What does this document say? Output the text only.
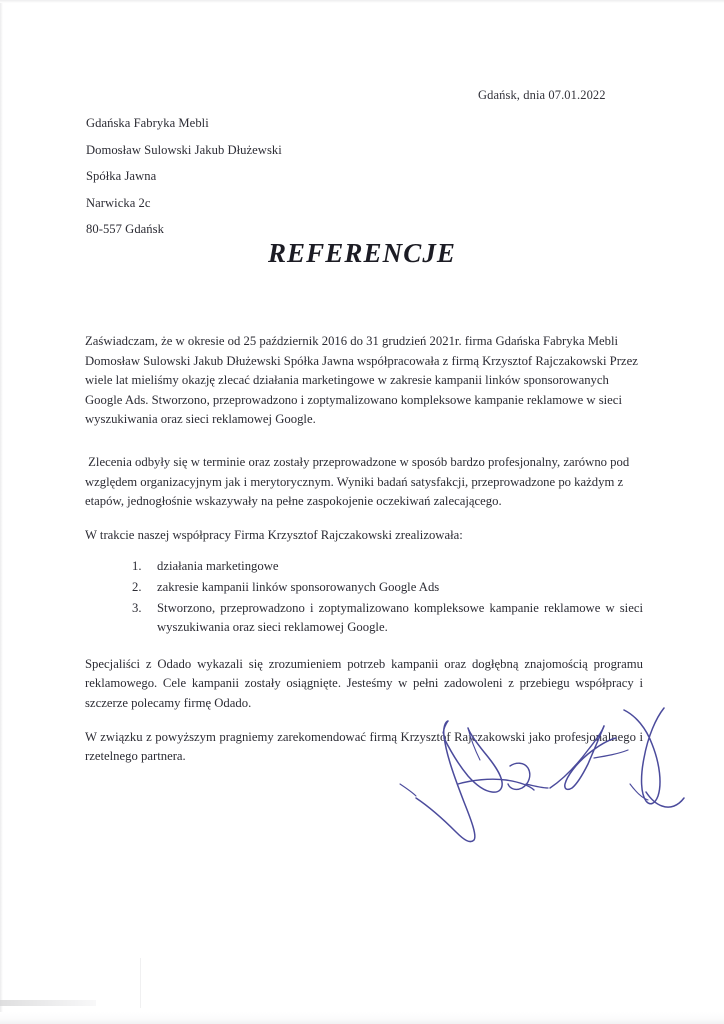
Gdańsk, dnia 07.01.2022
Gdańska Fabryka Mebli
Domosław Sulowski Jakub Dłużewski
Spółka Jawna
Narwicka 2c
80-557 Gdańsk
REFERENCJE

Zaświadczam, że w okresie od 25 październik 2016 do 31 grudzień 2021r. firma Gdańska Fabryka Mebli Domosław Sulowski Jakub Dłużewski Spółka Jawna współpracowała z firmą Krzysztof Rajczakowski Przez wiele lat mieliśmy okazję zlecać działania marketingowe w zakresie kampanii linków sponsorowanych Google Ads. Stworzono, przeprowadzono i zoptymalizowano kompleksowe kampanie reklamowe w sieci wyszukiwania oraz sieci reklamowej Google.

Zlecenia odbyły się w terminie oraz zostały przeprowadzone w sposób bardzo profesjonalny, zarówno pod względem organizacyjnym jak i merytorycznym. Wyniki badań satysfakcji, przeprowadzone po każdym z etapów, jednogłośnie wskazywały na pełne zaspokojenie oczekiwań zalecającego.

W trakcie naszej współpracy Firma Krzysztof Rajczakowski zrealizowała:

działania marketingowe
zakresie kampanii linków sponsorowanych Google Ads
Stworzono, przeprowadzono i zoptymalizowano kompleksowe kampanie reklamowe w sieci wyszukiwania oraz sieci reklamowej Google.

Specjaliści z Odado wykazali się zrozumieniem potrzeb kampanii oraz dogłębną znajomością programu reklamowego. Cele kampanii zostały osiągnięte. Jesteśmy w pełni zadowoleni z przebiegu współpracy i szczerze polecamy firmę Odado.

W związku z powyższym pragniemy zarekomendować firmą Krzysztof Rajczakowski jako profesjonalnego i rzetelnego partnera.
